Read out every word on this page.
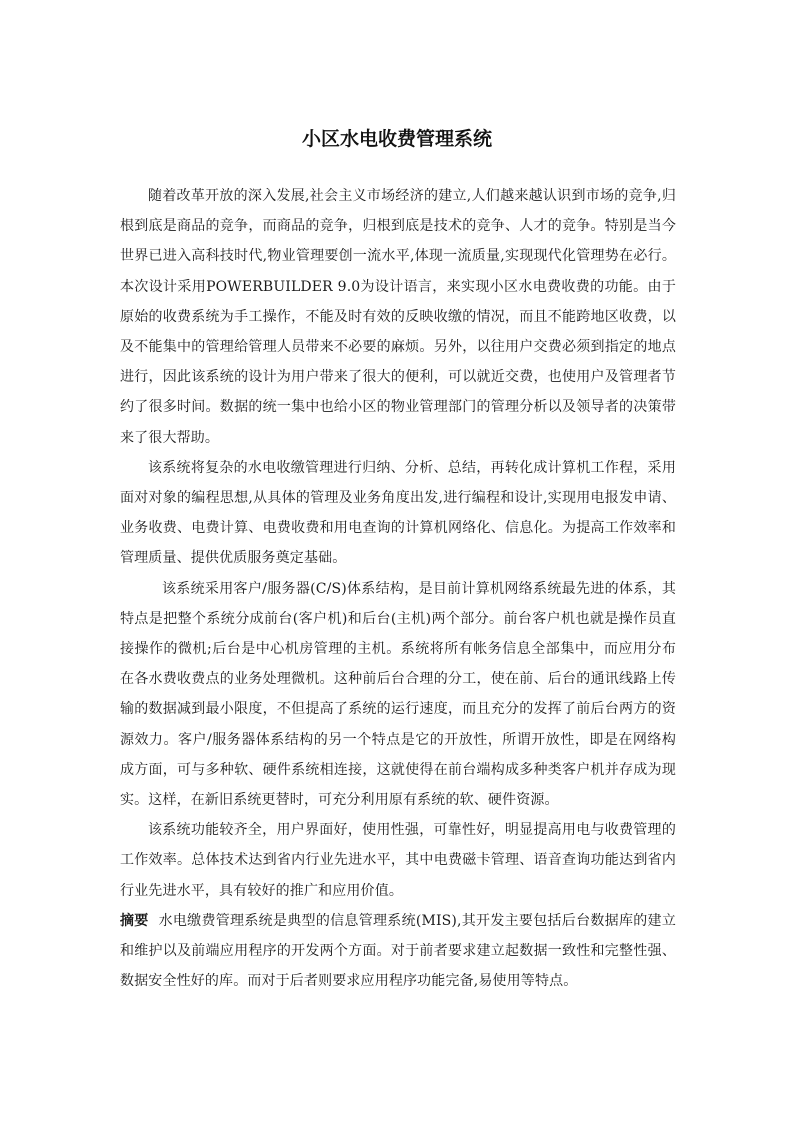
小区水电收费管理系统

随着改革开放的深入发展,社会主义市场经济的建立,人们越来越认识到市场的竞争,归根到底是商品的竞争，而商品的竞争，归根到底是技术的竞争、人才的竞争。特别是当今世界已进入高科技时代,物业管理要创一流水平,体现一流质量,实现现代化管理势在必行。本次设计采用POWERBUILDER 9.0为设计语言，来实现小区水电费收费的功能。由于原始的收费系统为手工操作，不能及时有效的反映收缴的情况，而且不能跨地区收费，以及不能集中的管理给管理人员带来不必要的麻烦。另外，以往用户交费必须到指定的地点进行，因此该系统的设计为用户带来了很大的便利，可以就近交费，也使用户及管理者节约了很多时间。数据的统一集中也给小区的物业管理部门的管理分析以及领导者的决策带来了很大帮助。

该系统将复杂的水电收缴管理进行归纳、分析、总结，再转化成计算机工作程，采用面对对象的编程思想,从具体的管理及业务角度出发,进行编程和设计,实现用电报发申请、业务收费、电费计算、电费收费和用电查询的计算机网络化、信息化。为提高工作效率和管理质量、提供优质服务奠定基础。

该系统采用客户/服务器(C/S)体系结构，是目前计算机网络系统最先进的体系，其特点是把整个系统分成前台(客户机)和后台(主机)两个部分。前台客户机也就是操作员直接操作的微机;后台是中心机房管理的主机。系统将所有帐务信息全部集中，而应用分布在各水费收费点的业务处理微机。这种前后台合理的分工，使在前、后台的通讯线路上传输的数据减到最小限度，不但提高了系统的运行速度，而且充分的发挥了前后台两方的资源效力。客户/服务器体系结构的另一个特点是它的开放性，所谓开放性，即是在网络构成方面，可与多种软、硬件系统相连接，这就使得在前台端构成多种类客户机并存成为现实。这样，在新旧系统更替时，可充分利用原有系统的软、硬件资源。

该系统功能较齐全，用户界面好，使用性强，可靠性好，明显提高用电与收费管理的工作效率。总体技术达到省内行业先进水平，其中电费磁卡管理、语音查询功能达到省内行业先进水平，具有较好的推广和应用价值。

摘要 水电缴费管理系统是典型的信息管理系统(MIS),其开发主要包括后台数据库的建立和维护以及前端应用程序的开发两个方面。对于前者要求建立起数据一致性和完整性强、数据安全性好的库。而对于后者则要求应用程序功能完备,易使用等特点。
